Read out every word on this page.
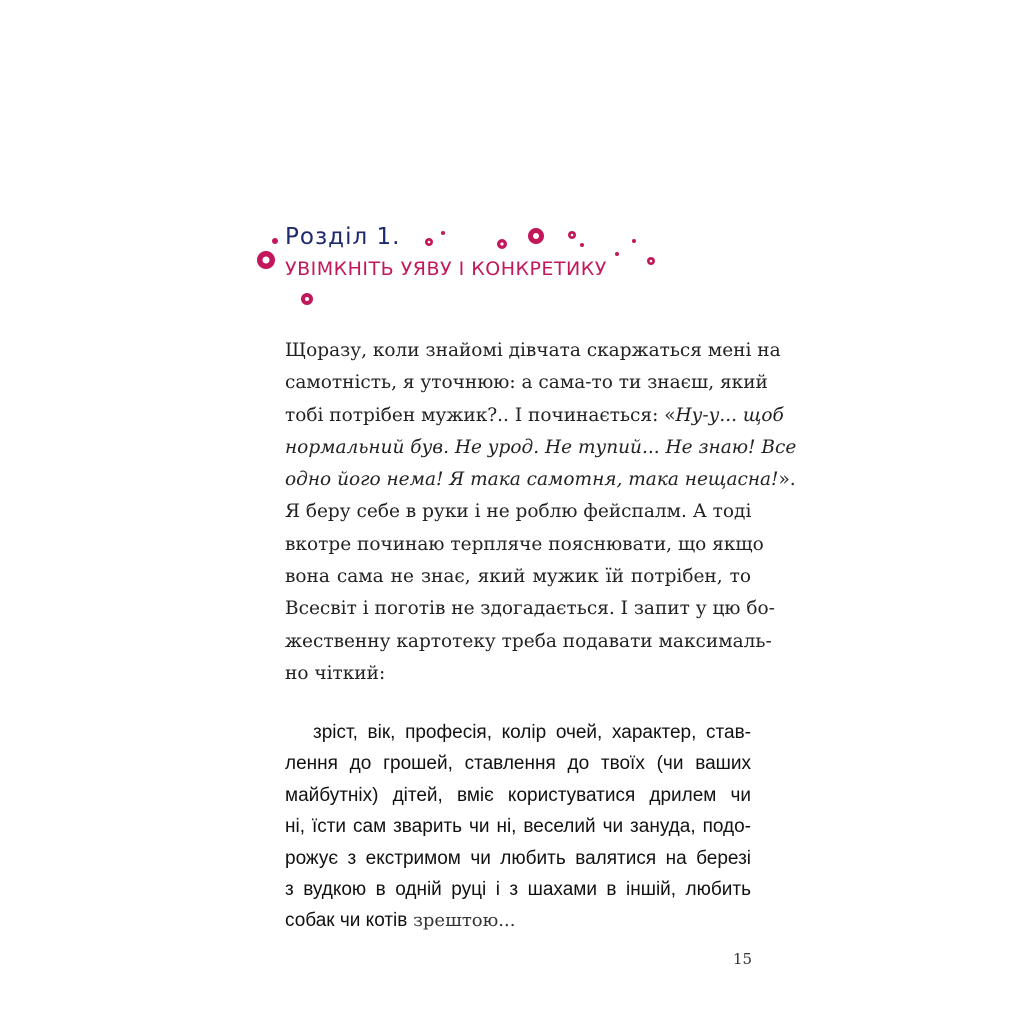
Розділ 1.
УВІМКНІТЬ УЯВУ І КОНКРЕТИКУ
Щоразу, коли знайомі дівчата скаржаться мені на
самотність, я уточнюю: а сама-то ти знаєш, який
тобі потрібен мужик?.. І починається: «Ну-у... щоб
нормальний був. Не урод. Не тупий... Не знаю! Все
одно його нема! Я така самотня, така нещасна!».
Я беру себе в руки і не роблю фейспалм. А тоді
вкотре починаю терпляче пояснювати, що якщо
вона сама не знає, який мужик їй потрібен, то
Всесвіт і поготів не здогадається. І запит у цю бо-
жественну картотеку треба подавати максималь-
но чіткий:
зріст, вік, професія, колір очей, характер, став-
лення до грошей, ставлення до твоїх (чи ваших
майбутніх) дітей, вміє користуватися дрилем чи
ні, їсти сам зварить чи ні, веселий чи зануда, подо-
рожує з екстримом чи любить валятися на березі
з вудкою в одній руці і з шахами в іншій, любить
собак чи котів зрештою...
15
